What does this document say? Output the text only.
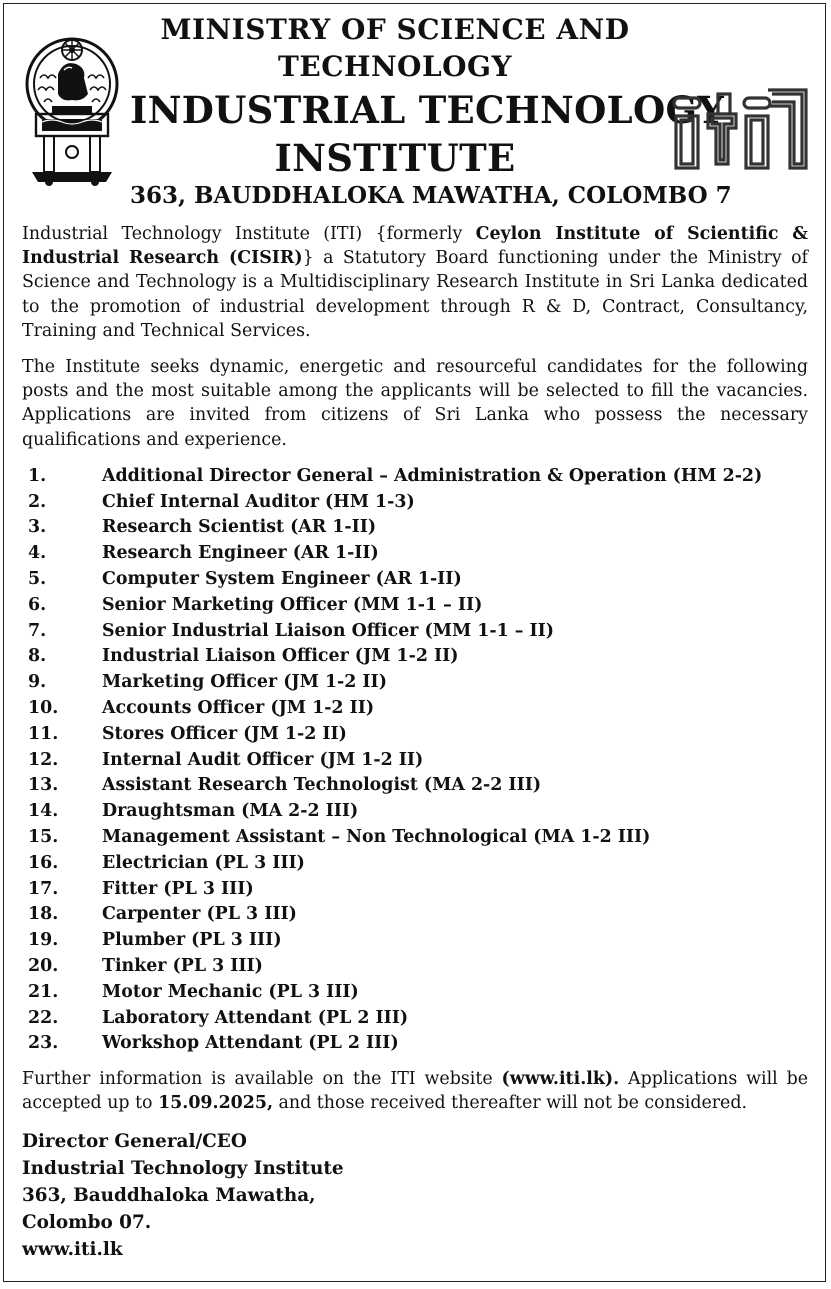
MINISTRY OF SCIENCE AND
TECHNOLOGY
INDUSTRIAL TECHNOLOGY
INSTITUTE
363, BAUDDHALOKA MAWATHA, COLOMBO 7

Industrial Technology Institute (ITI) {formerly Ceylon Institute of Scientific & Industrial Research (CISIR)} a Statutory Board functioning under the Ministry of Science and Technology is a Multidisciplinary Research Institute in Sri Lanka dedicated to the promotion of industrial development through R & D, Contract, Consultancy, Training and Technical Services.

The Institute seeks dynamic, energetic and resourceful candidates for the following posts and the most suitable among the applicants will be selected to fill the vacancies. Applications are invited from citizens of Sri Lanka who possess the necessary qualifications and experience.

1.	Additional Director General – Administration & Operation (HM 2-2)
2.	Chief Internal Auditor (HM 1-3)
3.	Research Scientist (AR 1-II)
4.	Research Engineer (AR 1-II)
5.	Computer System Engineer (AR 1-II)
6.	Senior Marketing Officer (MM 1-1 – II)
7.	Senior Industrial Liaison Officer (MM 1-1 – II)
8.	Industrial Liaison Officer (JM 1-2 II)
9.	Marketing Officer (JM 1-2 II)
10.	Accounts Officer (JM 1-2 II)
11.	Stores Officer (JM 1-2 II)
12.	Internal Audit Officer (JM 1-2 II)
13.	Assistant Research Technologist (MA 2-2 III)
14.	Draughtsman (MA 2-2 III)
15.	Management Assistant – Non Technological (MA 1-2 III)
16.	Electrician (PL 3 III)
17.	Fitter (PL 3 III)
18.	Carpenter (PL 3 III)
19.	Plumber (PL 3 III)
20.	Tinker (PL 3 III)
21.	Motor Mechanic (PL 3 III)
22.	Laboratory Attendant (PL 2 III)
23.	Workshop Attendant (PL 2 III)

Further information is available on the ITI website (www.iti.lk). Applications will be accepted up to 15.09.2025, and those received thereafter will not be considered.

Director General/CEO
Industrial Technology Institute
363, Bauddhaloka Mawatha,
Colombo 07.
www.iti.lk
